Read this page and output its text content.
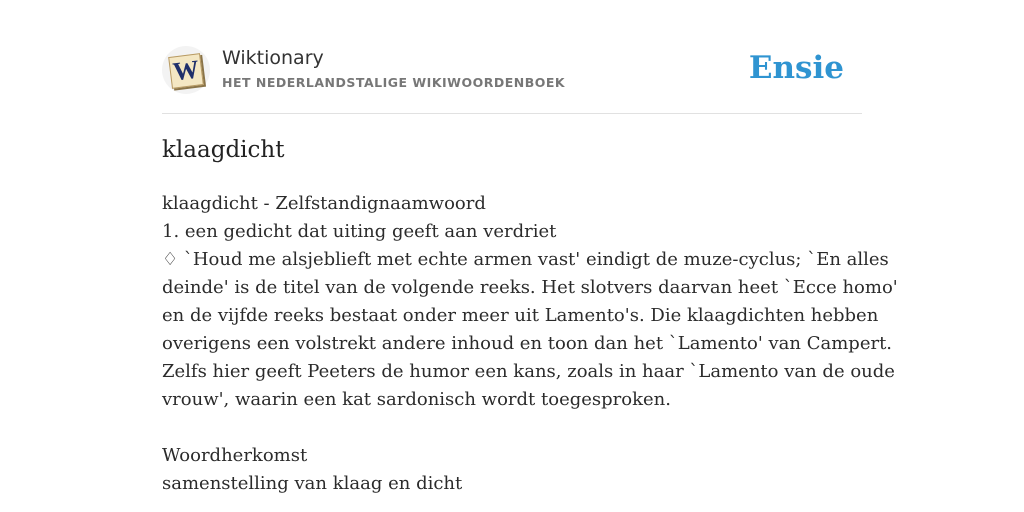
W Wiktionary
HET NEDERLANDSTALIGE WIKIWOORDENBOEK	Ensie
klaagdicht
klaagdicht - Zelfstandignaamwoord
1. een gedicht dat uiting geeft aan verdriet
♢ `Houd me alsjeblieft met echte armen vast' eindigt de muze-cyclus; `En alles
deinde' is de titel van de volgende reeks. Het slotvers daarvan heet `Ecce homo'
en de vijfde reeks bestaat onder meer uit Lamento's. Die klaagdichten hebben
overigens een volstrekt andere inhoud en toon dan het `Lamento' van Campert.
Zelfs hier geeft Peeters de humor een kans, zoals in haar `Lamento van de oude
vrouw', waarin een kat sardonisch wordt toegesproken.
Woordherkomst
samenstelling van klaag en dicht
